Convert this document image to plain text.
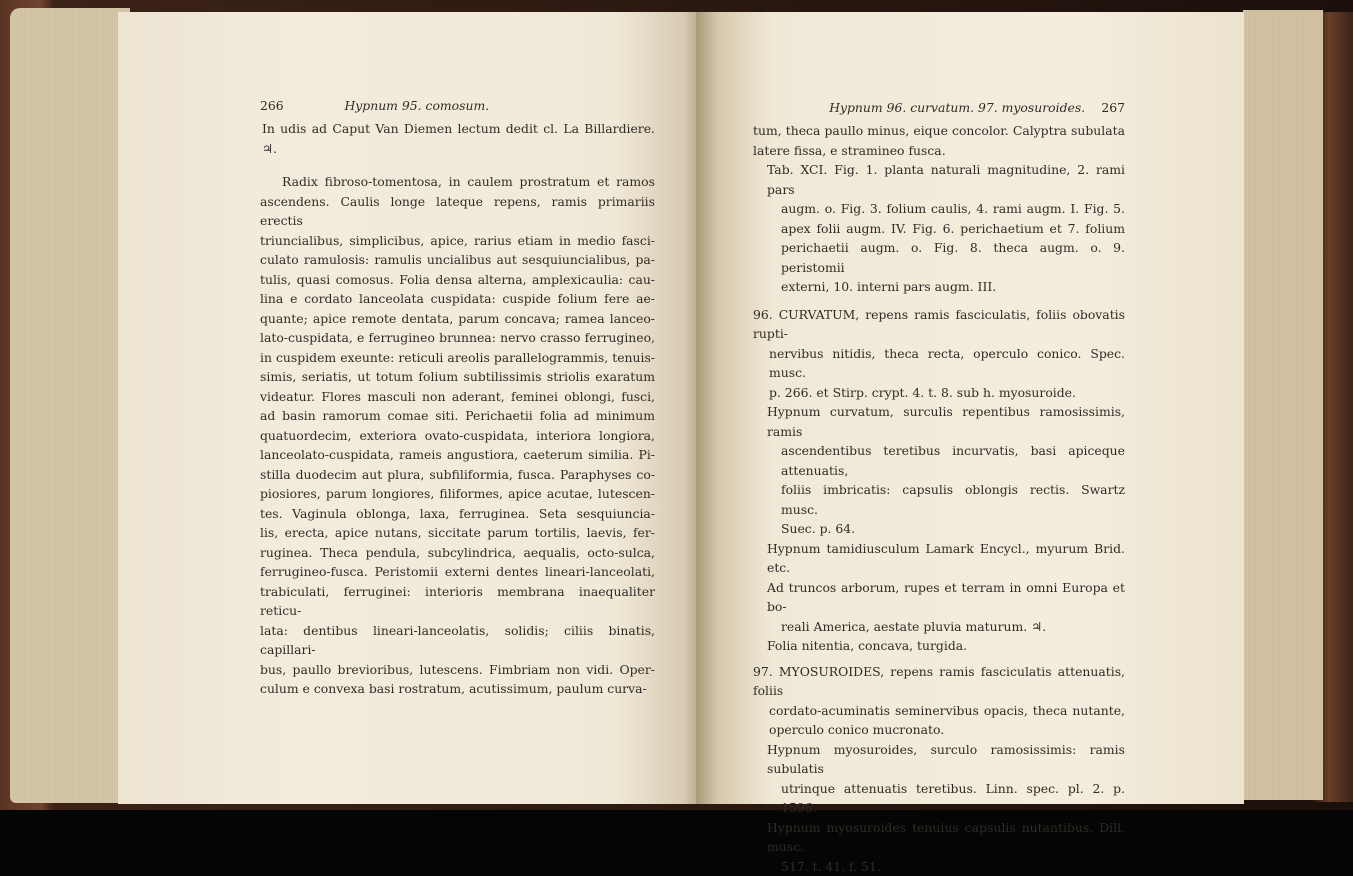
266	Hypnum 95. comosum.

In udis ad Caput Van Diemen lectum dedit cl. La Billardiere. ♃.

Radix fibroso-tomentosa, in caulem prostratum et ramos

ascendens. Caulis longe lateque repens, ramis primariis erectis

triuncialibus, simplicibus, apice, rarius etiam in medio fasci-

culato ramulosis: ramulis uncialibus aut sesquiuncialibus, pa-

tulis, quasi comosus. Folia densa alterna, amplexicaulia: cau-

lina e cordato lanceolata cuspidata: cuspide folium fere ae-

quante; apice remote dentata, parum concava; ramea lanceo-

lato-cuspidata, e ferrugineo brunnea: nervo crasso ferrugineo,

in cuspidem exeunte: reticuli areolis parallelogrammis, tenuis-

simis, seriatis, ut totum folium subtilissimis striolis exaratum

videatur. Flores masculi non aderant, feminei oblongi, fusci,

ad basin ramorum comae siti. Perichaetii folia ad minimum

quatuordecim, exteriora ovato-cuspidata, interiora longiora,

lanceolato-cuspidata, rameis angustiora, caeterum similia. Pi-

stilla duodecim aut plura, subfiliformia, fusca. Paraphyses co-

piosiores, parum longiores, filiformes, apice acutae, lutescen-

tes. Vaginula oblonga, laxa, ferruginea. Seta sesquiuncia-

lis, erecta, apice nutans, siccitate parum tortilis, laevis, fer-

ruginea. Theca pendula, subcylindrica, aequalis, octo-sulca,

ferrugineo-fusca. Peristomii externi dentes lineari-lanceolati,

trabiculati, ferruginei: interioris membrana inaequaliter reticu-

lata: dentibus lineari-lanceolatis, solidis; ciliis binatis, capillari-

bus, paullo brevioribus, lutescens. Fimbriam non vidi. Oper-

culum e convexa basi rostratum, acutissimum, paulum curva-

Hypnum 96. curvatum. 97. myosuroides. 267

tum, theca paullo minus, eique concolor. Calyptra subulata

latere fissa, e stramineo fusca.

Tab. XCI. Fig. 1. planta naturali magnitudine, 2. rami pars

augm. o. Fig. 3. folium caulis, 4. rami augm. I. Fig. 5.

apex folii augm. IV. Fig. 6. perichaetium et 7. folium

perichaetii augm. o. Fig. 8. theca augm. o. 9. peristomii

externi, 10. interni pars augm. III.

96. CURVATUM, repens ramis fasciculatis, foliis obovatis rupti-

nervibus nitidis, theca recta, operculo conico. Spec. musc.

p. 266. et Stirp. crypt. 4. t. 8. sub h. myosuroide.

Hypnum curvatum, surculis repentibus ramosissimis, ramis

ascendentibus teretibus incurvatis, basi apiceque attenuatis,

foliis imbricatis: capsulis oblongis rectis. Swartz musc.

Suec. p. 64.

Hypnum tamidiusculum Lamark Encycl., myurum Brid. etc.

Ad truncos arborum, rupes et terram in omni Europa et bo-

reali America, aestate pluvia maturum. ♃.

Folia nitentia, concava, turgida.

97. MYOSUROIDES, repens ramis fasciculatis attenuatis, foliis

cordato-acuminatis seminervibus opacis, theca nutante,

operculo conico mucronato.

Hypnum myosuroides, surculo ramosissimis: ramis subulatis

utrinque attenuatis teretibus. Linn. spec. pl. 2. p. 1596.

Hypnum myosuroides tenuius capsulis nutantibus. Dill. musc.

517. t. 41. f. 51.
